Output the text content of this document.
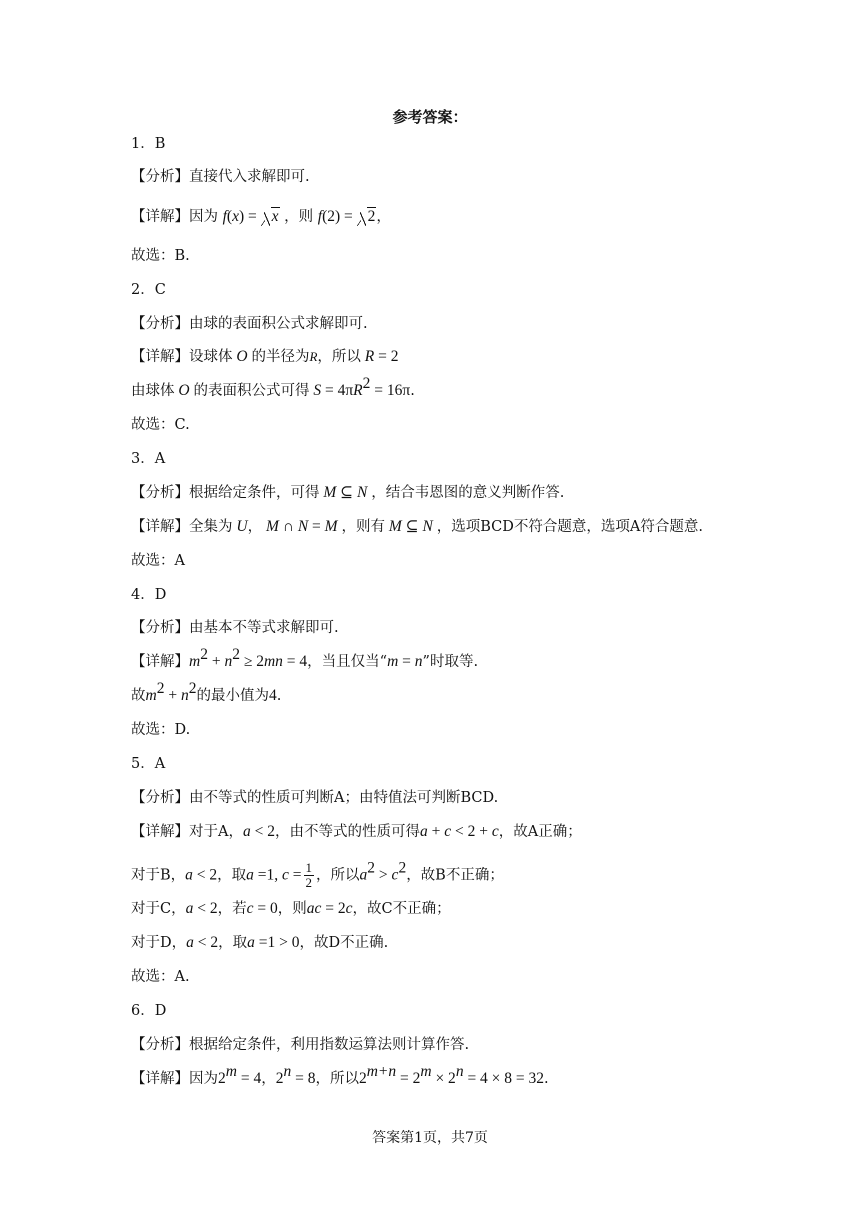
参考答案：
1．B
【分析】直接代入求解即可.
【详解】因为 f(x) = x ，则 f(2) = 2，
故选：B.
2．C
【分析】由球的表面积公式求解即可.
【详解】设球体 O 的半径为R，所以 R = 2
由球体 O 的表面积公式可得 $S = 4\pi R^2 = 16\pi$.
故选：C.
3．A
【分析】根据给定条件，可得 M ⊆ N ，结合韦恩图的意义判断作答.
【详解】全集为 U， M ∩ N = M ，则有 M ⊆ N ，选项BCD不符合题意，选项A符合题意.
故选：A
4．D
【分析】由基本不等式求解即可.
【详解】$m^2 + n^2 \ge 2mn = 4$，当且仅当“m = n”时取等.
故$m^2 + n^2$的最小值为4.
故选：D.
5．A
【分析】由不等式的性质可判断A；由特值法可判断BCD.
【详解】对于A，a < 2，由不等式的性质可得a + c < 2 + c，故A正确；
对于B，a < 2，取a =1, $c = \frac{1}{2}$ ，所以$a^2 > c^2$，故B不正确；
对于C，a < 2，若c = 0，则ac = 2c，故C不正确；
对于D，a < 2，取a =1 > 0，故D不正确.
故选：A.
6．D
【分析】根据给定条件，利用指数运算法则计算作答.
【详解】因为$2^m = 4$，$2^n = 8$，所以$2^{m+n} = 2^m \times 2^n = 4 \times 8 = 32$.
答案第1页，共7页
